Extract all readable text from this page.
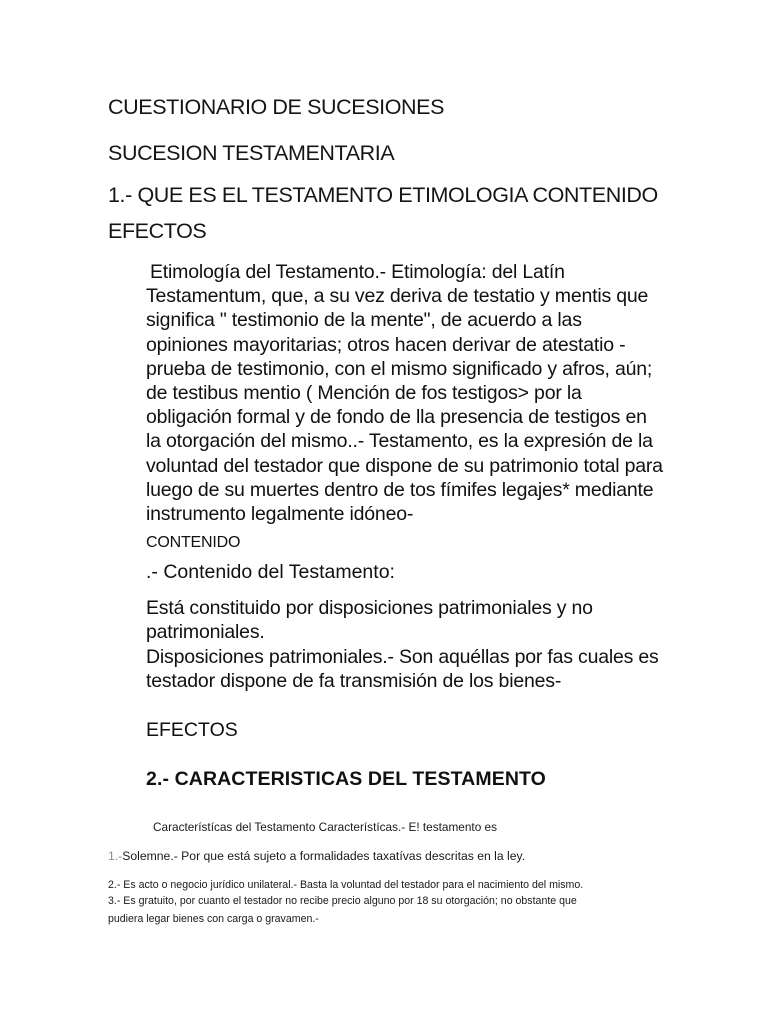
CUESTIONARIO DE SUCESIONES
SUCESION TESTAMENTARIA
1.- QUE ES EL TESTAMENTO ETIMOLOGIA CONTENIDO
EFECTOS

Etimología del Testamento.- Etimología: del Latín Testamentum, que, a su vez deriva de testatio y mentis que significa " testimonio de la mente", de acuerdo a las opiniones mayoritarias; otros hacen derivar de atestatio - prueba de testimonio, con el mismo significado y afros, aún; de testibus mentio ( Mención de fos testigos> por la obligación formal y de fondo de lla presencia de testigos en la otorgación del mismo..- Testamento, es la expresión de la voluntad del testador que dispone de su patrimonio total para luego de su muertes dentro de tos fímifes legajes* mediante instrumento legalmente idóneo-

CONTENIDO

.- Contenido del Testamento:

Está constituido por disposiciones patrimoniales y no patrimoniales.

Disposiciones patrimoniales.- Son aquéllas por fas cuales es testador dispone de fa transmisión de los bienes-

EFECTOS

2.- CARACTERISTICAS DEL TESTAMENTO

Característícas del Testamento Característícas.- E! testamento es

1.-Solemne.- Por que está sujeto a formalidades taxatívas descritas en la ley.

2.- Es acto o negocio jurídico unilateral.- Basta la voluntad del testador para el nacimiento del mismo.

3.- Es gratuito, por cuanto el testador no recibe precio alguno por 18 su otorgación; no obstante que

pudiera legar bienes con carga o gravamen.-
